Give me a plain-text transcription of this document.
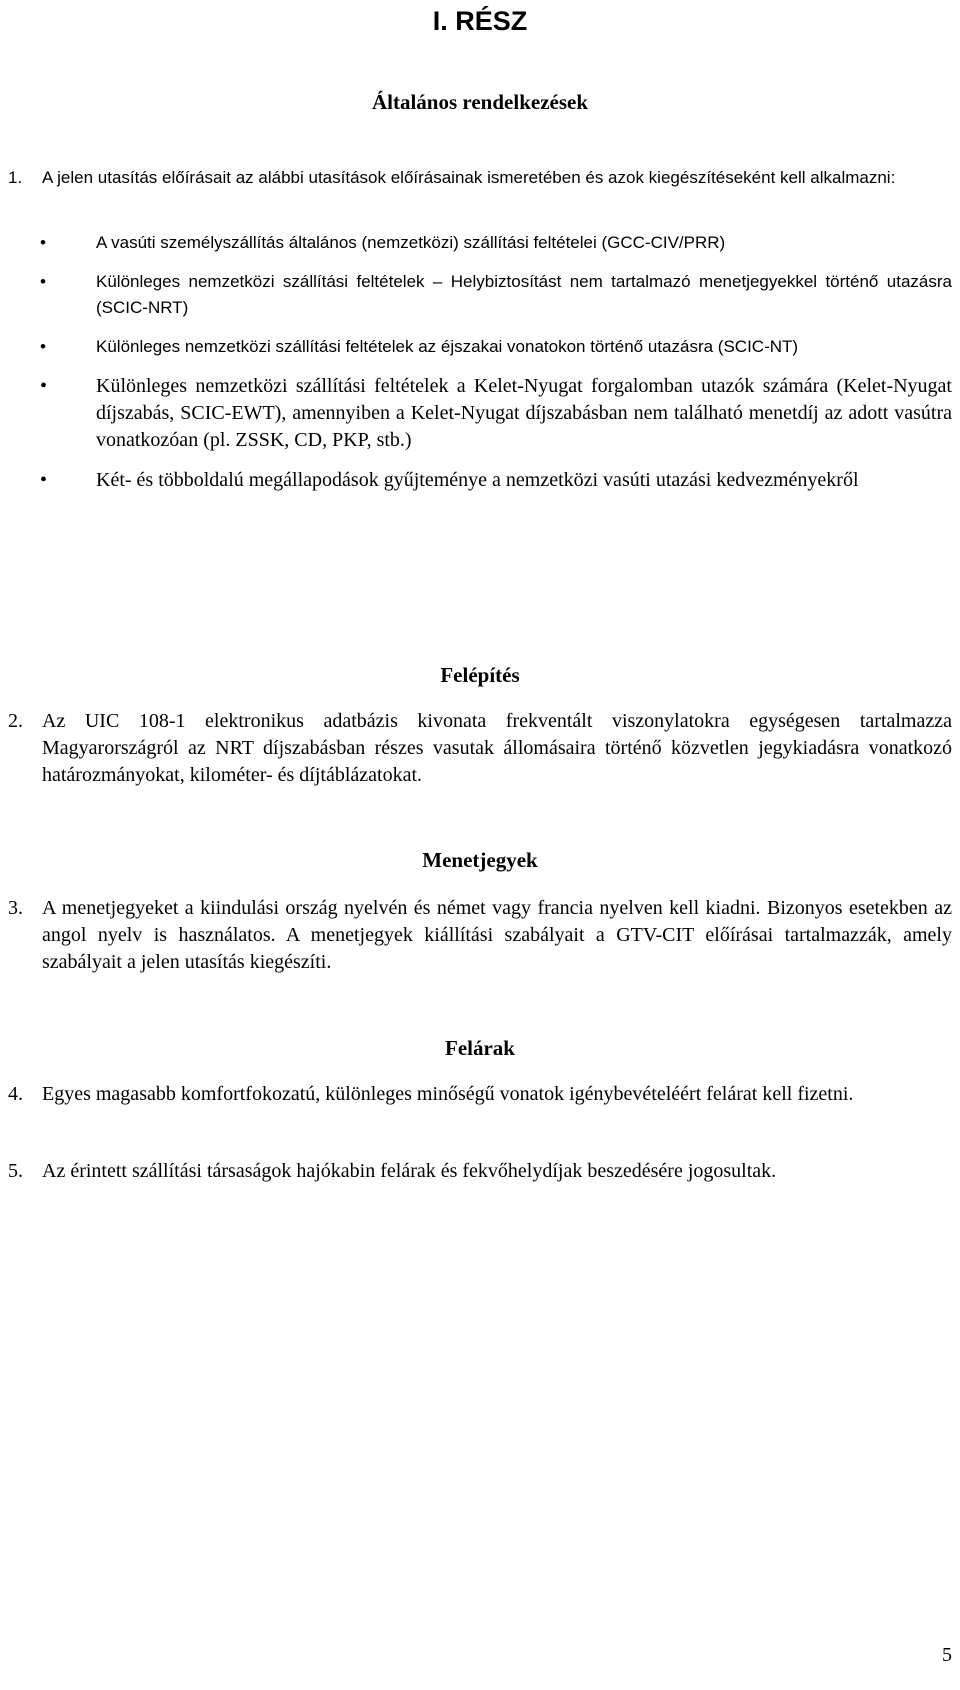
I. RÉSZ
Általános rendelkezések
1. A jelen utasítás előírásait az alábbi utasítások előírásainak ismeretében és azok kiegészítéseként kell alkalmazni:

•	A vasúti személyszállítás általános (nemzetközi) szállítási feltételei (GCC-CIV/PRR)
•	Különleges nemzetközi szállítási feltételek – Helybiztosítást nem tartalmazó menetjegyekkel történő utazásra (SCIC-NRT)
•	Különleges nemzetközi szállítási feltételek az éjszakai vonatokon történő utazásra (SCIC-NT)
•	Különleges nemzetközi szállítási feltételek a Kelet-Nyugat forgalomban utazók számára (Kelet-Nyugat díjszabás, SCIC-EWT), amennyiben a Kelet-Nyugat díjszabásban nem található menetdíj az adott vasútra vonatkozóan (pl. ZSSK, CD, PKP, stb.)
•	Két- és többoldalú megállapodások gyűjteménye a nemzetközi vasúti utazási kedvezményekről
Felépítés
2. Az UIC 108-1 elektronikus adatbázis kivonata frekventált viszonylatokra egységesen tartalmazza Magyarországról az NRT díjszabásban részes vasutak állomásaira történő közvetlen jegykiadásra vonatkozó határozmányokat, kilométer- és díjtáblázatokat.

Menetjegyek
3. A menetjegyeket a kiindulási ország nyelvén és német vagy francia nyelven kell kiadni. Bizonyos esetekben az angol nyelv is használatos. A menetjegyek kiállítási szabályait a GTV-CIT előírásai tartalmazzák, amely szabályait a jelen utasítás kiegészíti.

Felárak
4. Egyes magasabb komfortfokozatú, különleges minőségű vonatok igénybevételéért felárat kell fizetni.

5. Az érintett szállítási társaságok hajókabin felárak és fekvőhelydíjak beszedésére jogosultak.

5
